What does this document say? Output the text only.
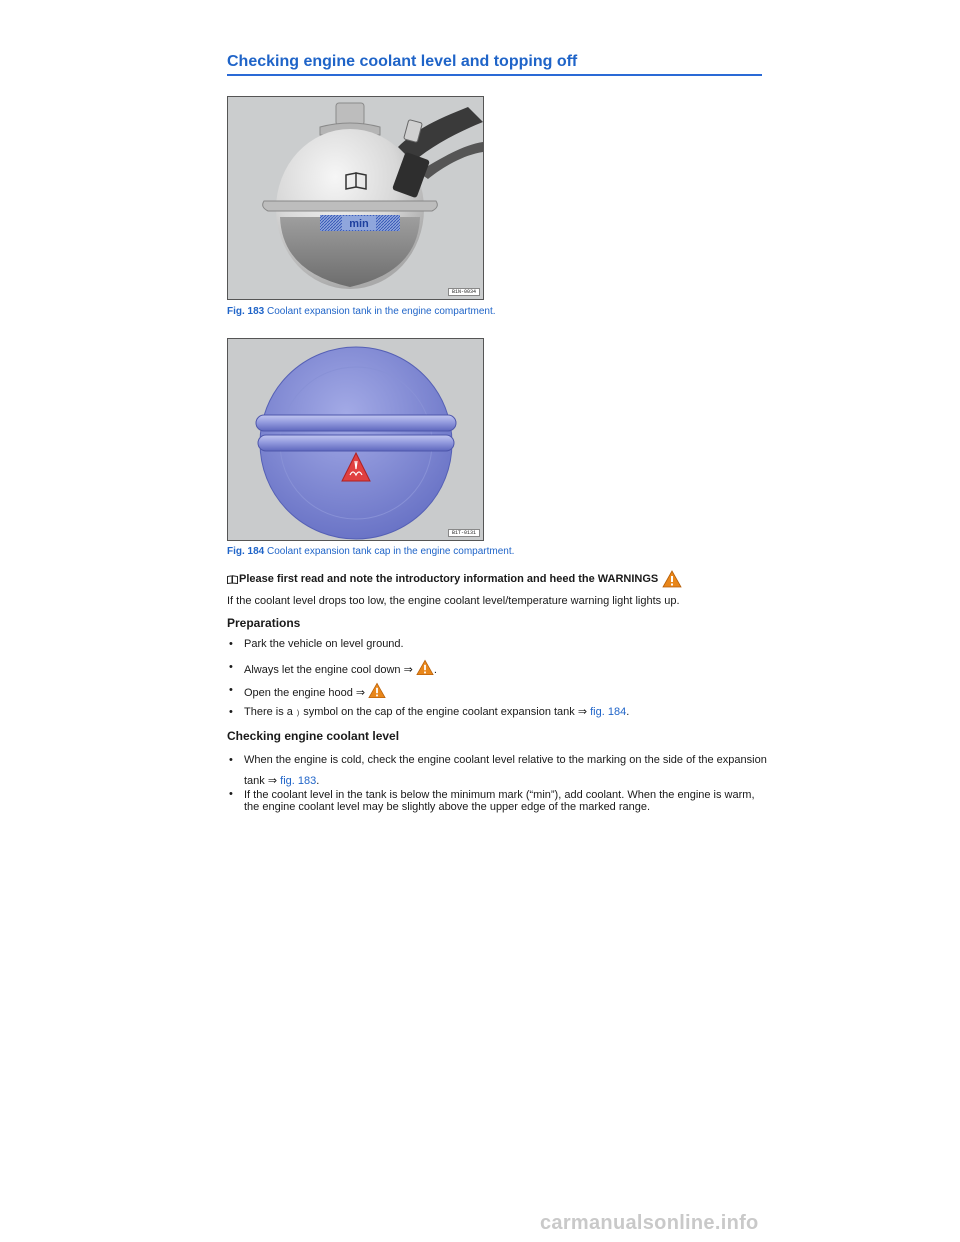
Checking engine coolant level and topping off
min
B1N-0034
Fig. 183 Coolant expansion tank in the engine compartment.
B1T-0131
Fig. 184 Coolant expansion tank cap in the engine compartment.
Please first read and note the introductory information and heed the WARNINGS
If the coolant level drops too low, the engine coolant level/temperature warning light lights up.
Preparations
• Park the vehicle on level ground.
• Always let the engine cool down ⇒ .
• Open the engine hood ⇒
• There is a ) symbol on the cap of the engine coolant expansion tank ⇒ fig. 184.
Checking engine coolant level
• When the engine is cold, check the engine coolant level relative to the marking on the side of the expansion tank ⇒ fig. 183.
• If the coolant level in the tank is below the minimum mark (“min”), add coolant. When the engine is warm, the engine coolant level may be slightly above the upper edge of the marked range.
carmanualsonline.info
